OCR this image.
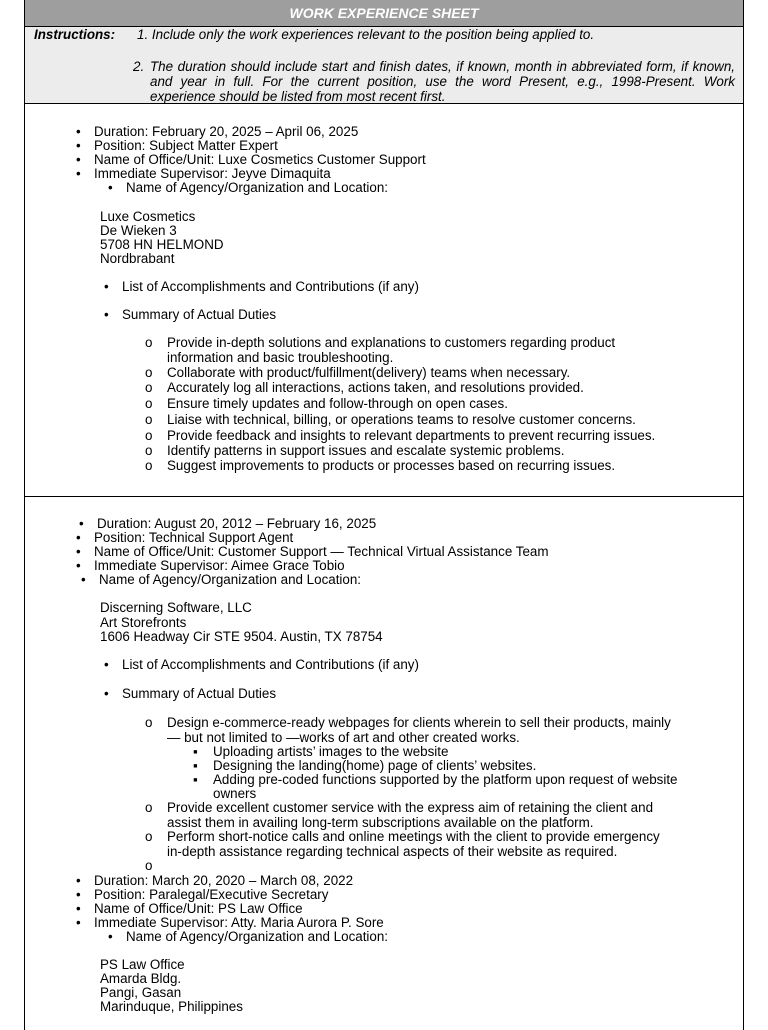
WORK EXPERIENCE SHEET
Instructions: 1. Include only the work experiences relevant to the position being applied to.
2. The duration should include start and finish dates, if known, month in abbreviated form, if known, and year in full. For the current position, use the word Present, e.g., 1998-Present. Work experience should be listed from most recent first.
• Duration: February 20, 2025 – April 06, 2025
• Position: Subject Matter Expert
• Name of Office/Unit: Luxe Cosmetics Customer Support
• Immediate Supervisor: Jeyve Dimaquita
• Name of Agency/Organization and Location:
Luxe Cosmetics
De Wieken 3
5708 HN HELMOND
Nordbrabant
• List of Accomplishments and Contributions (if any)
• Summary of Actual Duties
o Provide in-depth solutions and explanations to customers regarding product
information and basic troubleshooting.
o Collaborate with product/fulfillment(delivery) teams when necessary.
o Accurately log all interactions, actions taken, and resolutions provided.
o Ensure timely updates and follow-through on open cases.
o Liaise with technical, billing, or operations teams to resolve customer concerns.
o Provide feedback and insights to relevant departments to prevent recurring issues.
o Identify patterns in support issues and escalate systemic problems.
o Suggest improvements to products or processes based on recurring issues.
• Duration: August 20, 2012 – February 16, 2025
• Position: Technical Support Agent
• Name of Office/Unit: Customer Support — Technical Virtual Assistance Team
• Immediate Supervisor: Aimee Grace Tobio
• Name of Agency/Organization and Location:
Discerning Software, LLC
Art Storefronts
1606 Headway Cir STE 9504. Austin, TX 78754
• List of Accomplishments and Contributions (if any)
• Summary of Actual Duties
o Design e-commerce-ready webpages for clients wherein to sell their products, mainly
— but not limited to —works of art and other created works.
▪ Uploading artists’ images to the website
▪ Designing the landing(home) page of clients’ websites.
▪ Adding pre-coded functions supported by the platform upon request of website
owners
o Provide excellent customer service with the express aim of retaining the client and
assist them in availing long-term subscriptions available on the platform.
o Perform short-notice calls and online meetings with the client to provide emergency
in-depth assistance regarding technical aspects of their website as required.
• Duration: March 20, 2020 – March 08, 2022
• Position: Paralegal/Executive Secretary
• Name of Office/Unit: PS Law Office
• Immediate Supervisor: Atty. Maria Aurora P. Sore
• Name of Agency/Organization and Location:
PS Law Office
Amarda Bldg.
Pangi, Gasan
Marinduque, Philippines
